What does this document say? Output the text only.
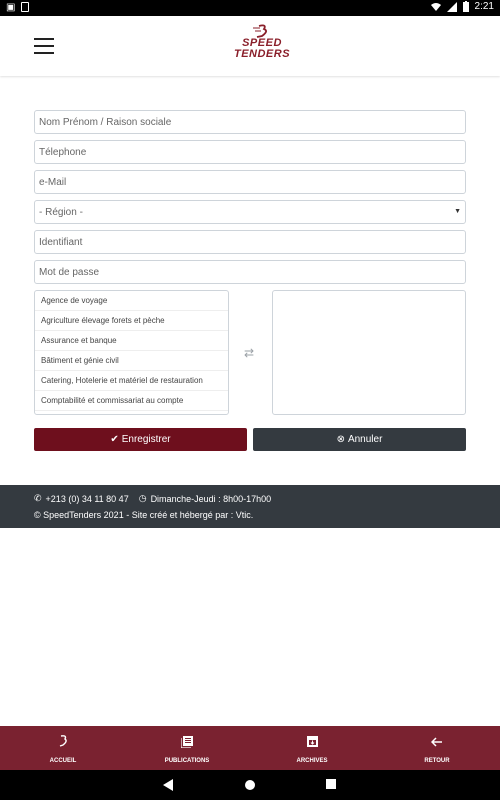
▣	2:21
SPEED
TENDERS
Nom Prénom / Raison sociale
Télephone
e-Mail
- Région -	▼
Identifiant
Mot de passe
Agence de voyage
Agriculture élevage forets et pèche
Assurance et banque
Bâtiment et génie civil
Catering, Hotelerie et matériel de restauration
Comptabilité et commissariat au compte
⇄
✔ Enregistrer	⊗ Annuler
✆ +213 (0) 34 11 80 47 ◷ Dimanche-Jeudi : 8h00-17h00
© SpeedTenders 2021 - Site créé et hébergé par : Vtic.
ACCUEIL	PUBLICATIONS	ARCHIVES	RETOUR
